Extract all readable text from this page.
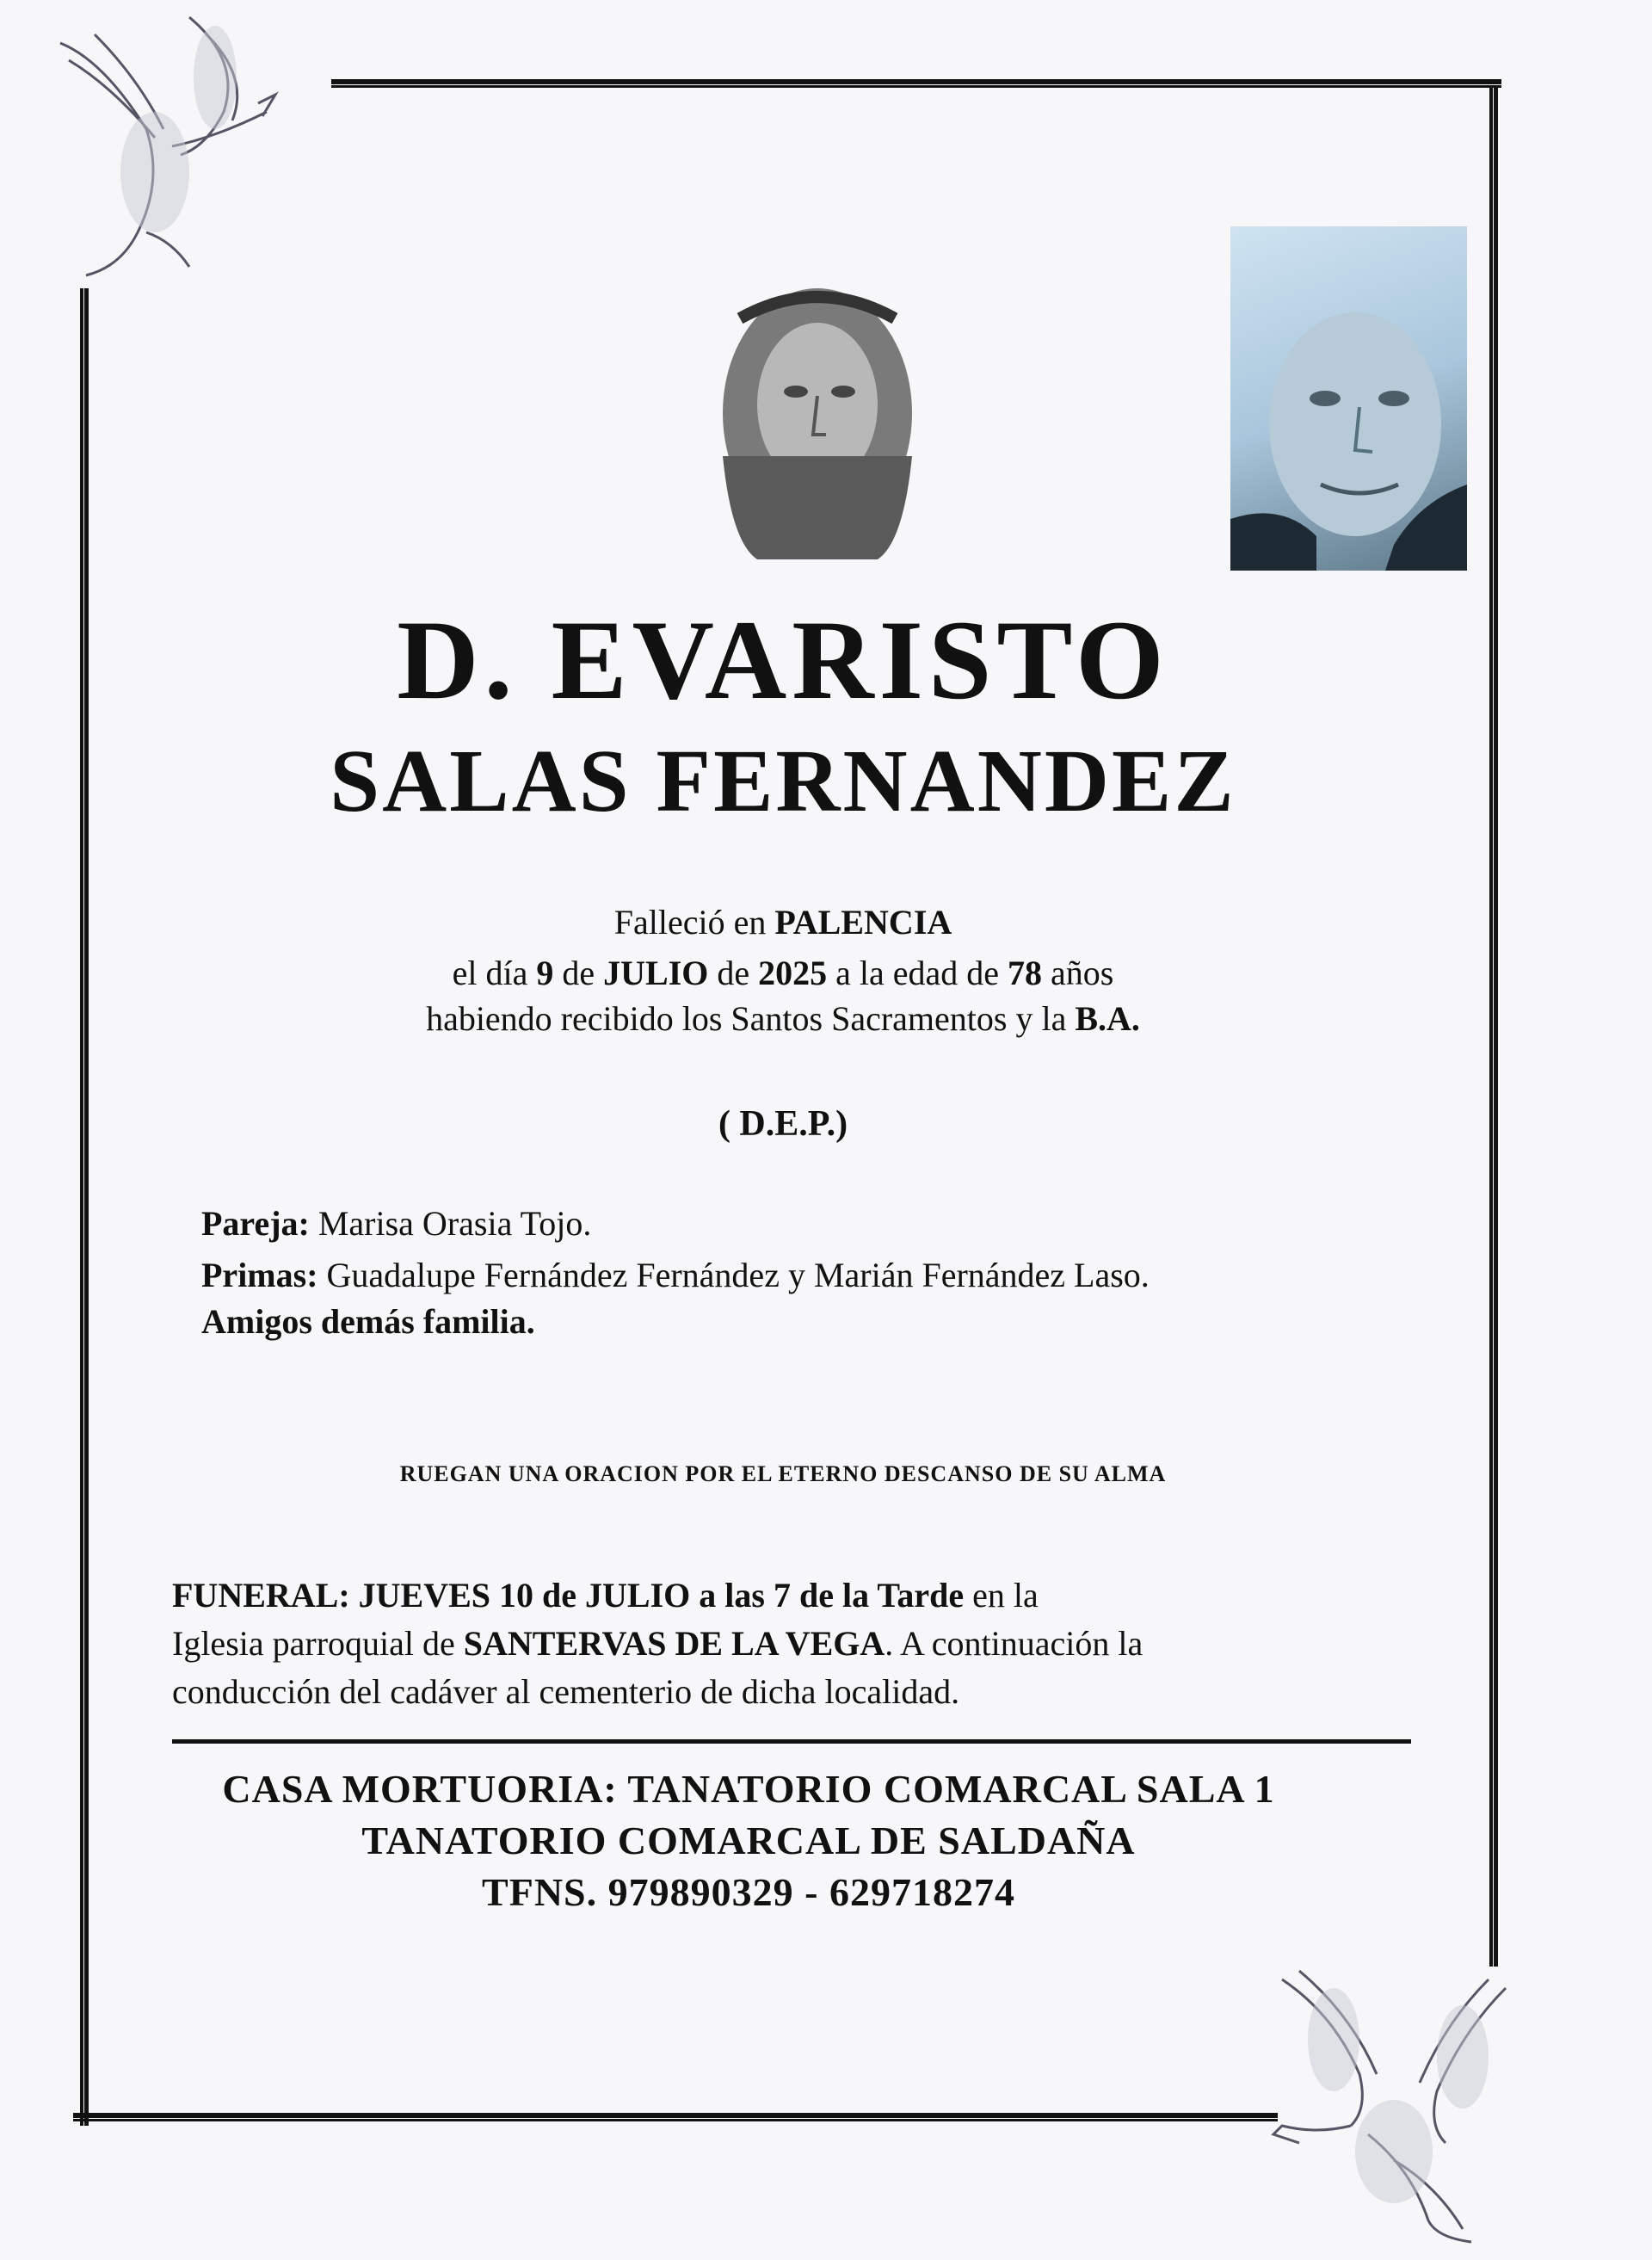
D. EVARISTO
SALAS FERNANDEZ
Falleció en PALENCIA
el día 9 de JULIO de 2025 a la edad de 78 años
habiendo recibido los Santos Sacramentos y la B.A.
( D.E.P.)
Pareja: Marisa Orasia Tojo.
Primas: Guadalupe Fernández Fernández y Marián Fernández Laso.
Amigos demás familia.
RUEGAN UNA ORACION POR EL ETERNO DESCANSO DE SU ALMA
FUNERAL: JUEVES 10 de JULIO a las 7 de la Tarde en la
Iglesia parroquial de SANTERVAS DE LA VEGA. A continuación la
conducción del cadáver al cementerio de dicha localidad.
CASA MORTUORIA: TANATORIO COMARCAL SALA 1
TANATORIO COMARCAL DE SALDAÑA
TFNS. 979890329 - 629718274
